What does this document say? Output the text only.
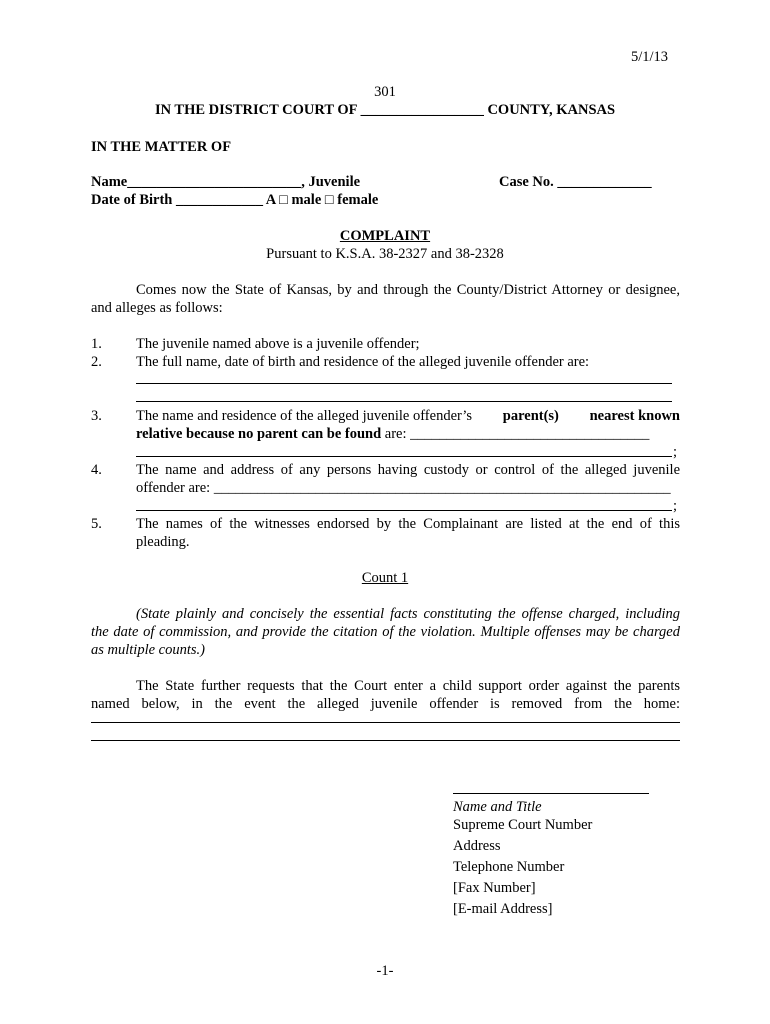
5/1/13
301
IN THE DISTRICT COURT OF _________________ COUNTY, KANSAS
IN THE MATTER OF
Name________________________, Juvenile	Case No. _____________
Date of Birth ____________ A □ male □ female
COMPLAINT
Pursuant to K.S.A. 38-2327 and 38-2328
Comes now the State of Kansas, by and through the County/District Attorney or designee,
and alleges as follows:
1. The juvenile named above is a juvenile offender;
2. The full name, date of birth and residence of the alleged juvenile offender are:
3. The name and residence of the alleged juvenile offender’s parent(s) nearest known
relative because no parent can be found are: _________________________________
;
4. The name and address of any persons having custody or control of the alleged juvenile
offender are: _______________________________________________________________
;
5. The names of the witnesses endorsed by the Complainant are listed at the end of this
pleading.
Count 1
(State plainly and concisely the essential facts constituting the offense charged, including
the date of commission, and provide the citation of the violation. Multiple offenses may be charged
as multiple counts.)
The State further requests that the Court enter a child support order against the parents
named below, in the event the alleged juvenile offender is removed from the home:
Name and Title
Supreme Court Number
Address
Telephone Number
[Fax Number]
[E-mail Address]
-1-
